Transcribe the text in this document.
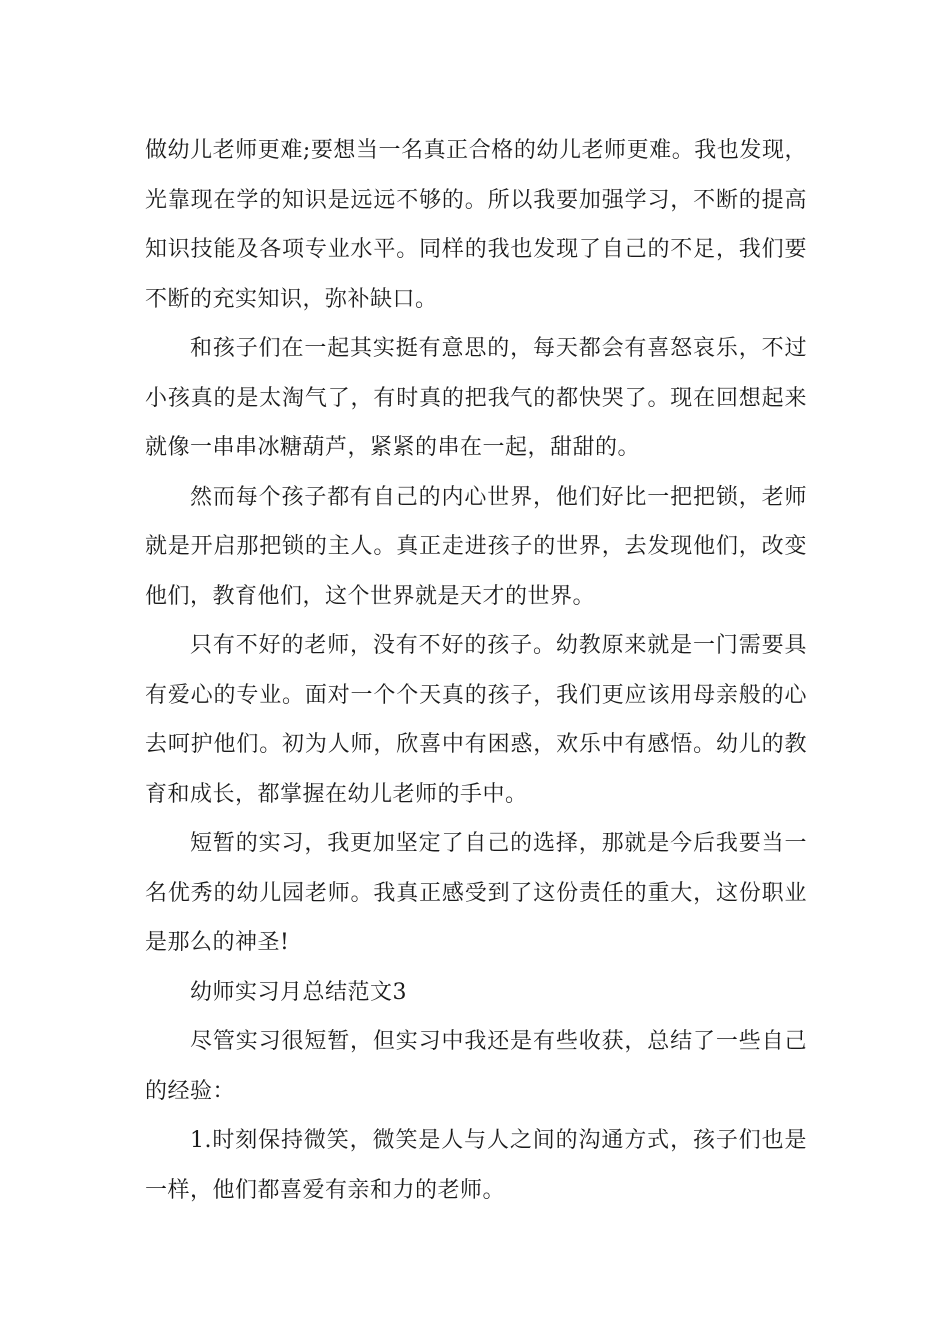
做幼儿老师更难;要想当一名真正合格的幼儿老师更难。我也发现，光靠现在学的知识是远远不够的。所以我要加强学习，不断的提高知识技能及各项专业水平。同样的我也发现了自己的不足，我们要不断的充实知识，弥补缺口。

和孩子们在一起其实挺有意思的，每天都会有喜怒哀乐，不过小孩真的是太淘气了，有时真的把我气的都快哭了。现在回想起来就像一串串冰糖葫芦，紧紧的串在一起，甜甜的。

然而每个孩子都有自己的内心世界，他们好比一把把锁，老师就是开启那把锁的主人。真正走进孩子的世界，去发现他们，改变他们，教育他们，这个世界就是天才的世界。

只有不好的老师，没有不好的孩子。幼教原来就是一门需要具有爱心的专业。面对一个个天真的孩子，我们更应该用母亲般的心去呵护他们。初为人师，欣喜中有困惑，欢乐中有感悟。幼儿的教育和成长，都掌握在幼儿老师的手中。

短暂的实习，我更加坚定了自己的选择，那就是今后我要当一名优秀的幼儿园老师。我真正感受到了这份责任的重大，这份职业是那么的神圣!

幼师实习月总结范文3

尽管实习很短暂，但实习中我还是有些收获，总结了一些自己的经验：

1.时刻保持微笑，微笑是人与人之间的沟通方式，孩子们也是一样，他们都喜爱有亲和力的老师。
